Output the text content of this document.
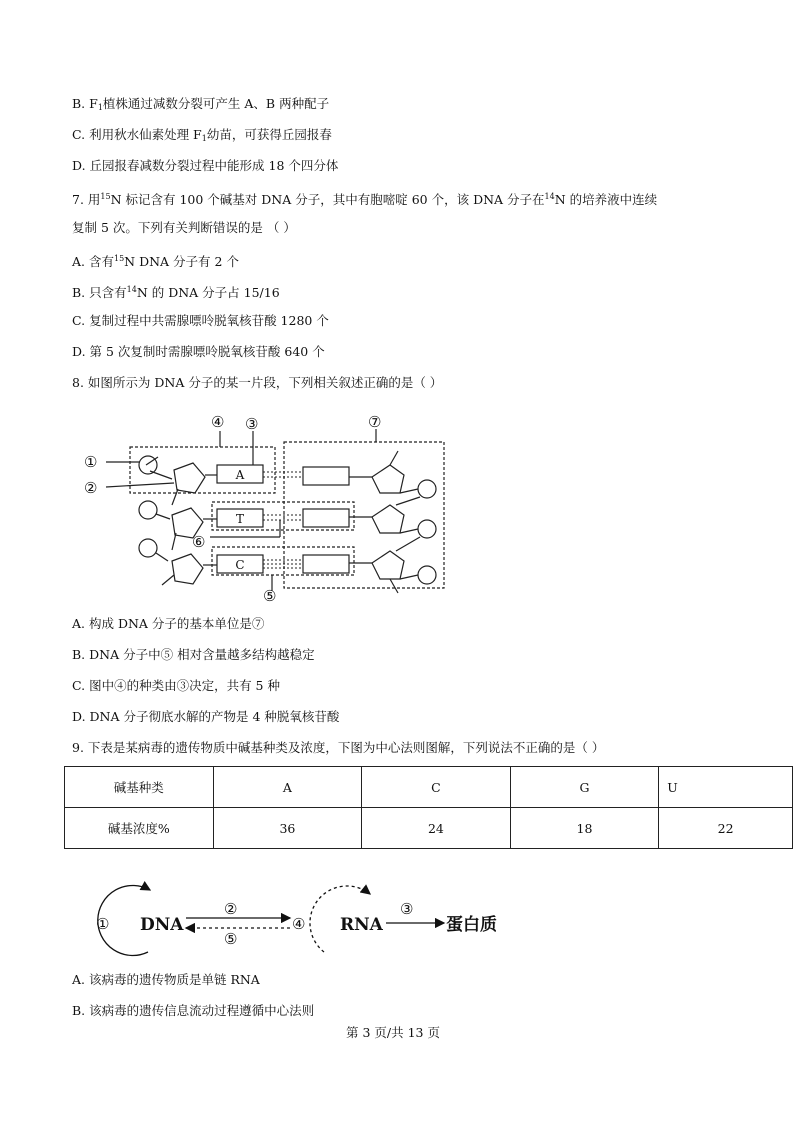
B. $F_1$植株通过减数分裂可产生 A、B 两种配子
C. 利用秋水仙素处理 $F_1$幼苗，可获得丘园报春
D. 丘园报春减数分裂过程中能形成 18 个四分体
7. 用$^{15}$N 标记含有 100 个碱基对 DNA 分子，其中有胞嘧啶 60 个，该 DNA 分子在$^{14}$N 的培养液中连续
复制 5 次。下列有关判断错误的是 （ ）
A. 含有$^{15}$N DNA 分子有 2 个
B. 只含有$^{14}$N 的 DNA 分子占 15/16
C. 复制过程中共需腺嘌呤脱氧核苷酸 1280 个
D. 第 5 次复制时需腺嘌呤脱氧核苷酸 640 个
8. 如图所示为 DNA 分子的某一片段，下列相关叙述正确的是（ ）
①
②
③
④
⑤
⑥
⑦
A
T
C
A. 构成 DNA 分子的基本单位是⑦
B. DNA 分子中⑤ 相对含量越多结构越稳定
C. 图中④的种类由③决定，共有 5 种
D. DNA 分子彻底水解的产物是 4 种脱氧核苷酸
9. 下表是某病毒的遗传物质中碱基种类及浓度，下图为中心法则图解，下列说法不正确的是（ ）
碱基种类	A	C	G	U
碱基浓度%	36	24	18	22
①
②
⑤
④
③
DNA	RNA	蛋白质
A. 该病毒的遗传物质是单链 RNA
B. 该病毒的遗传信息流动过程遵循中心法则
第 3 页/共 13 页
